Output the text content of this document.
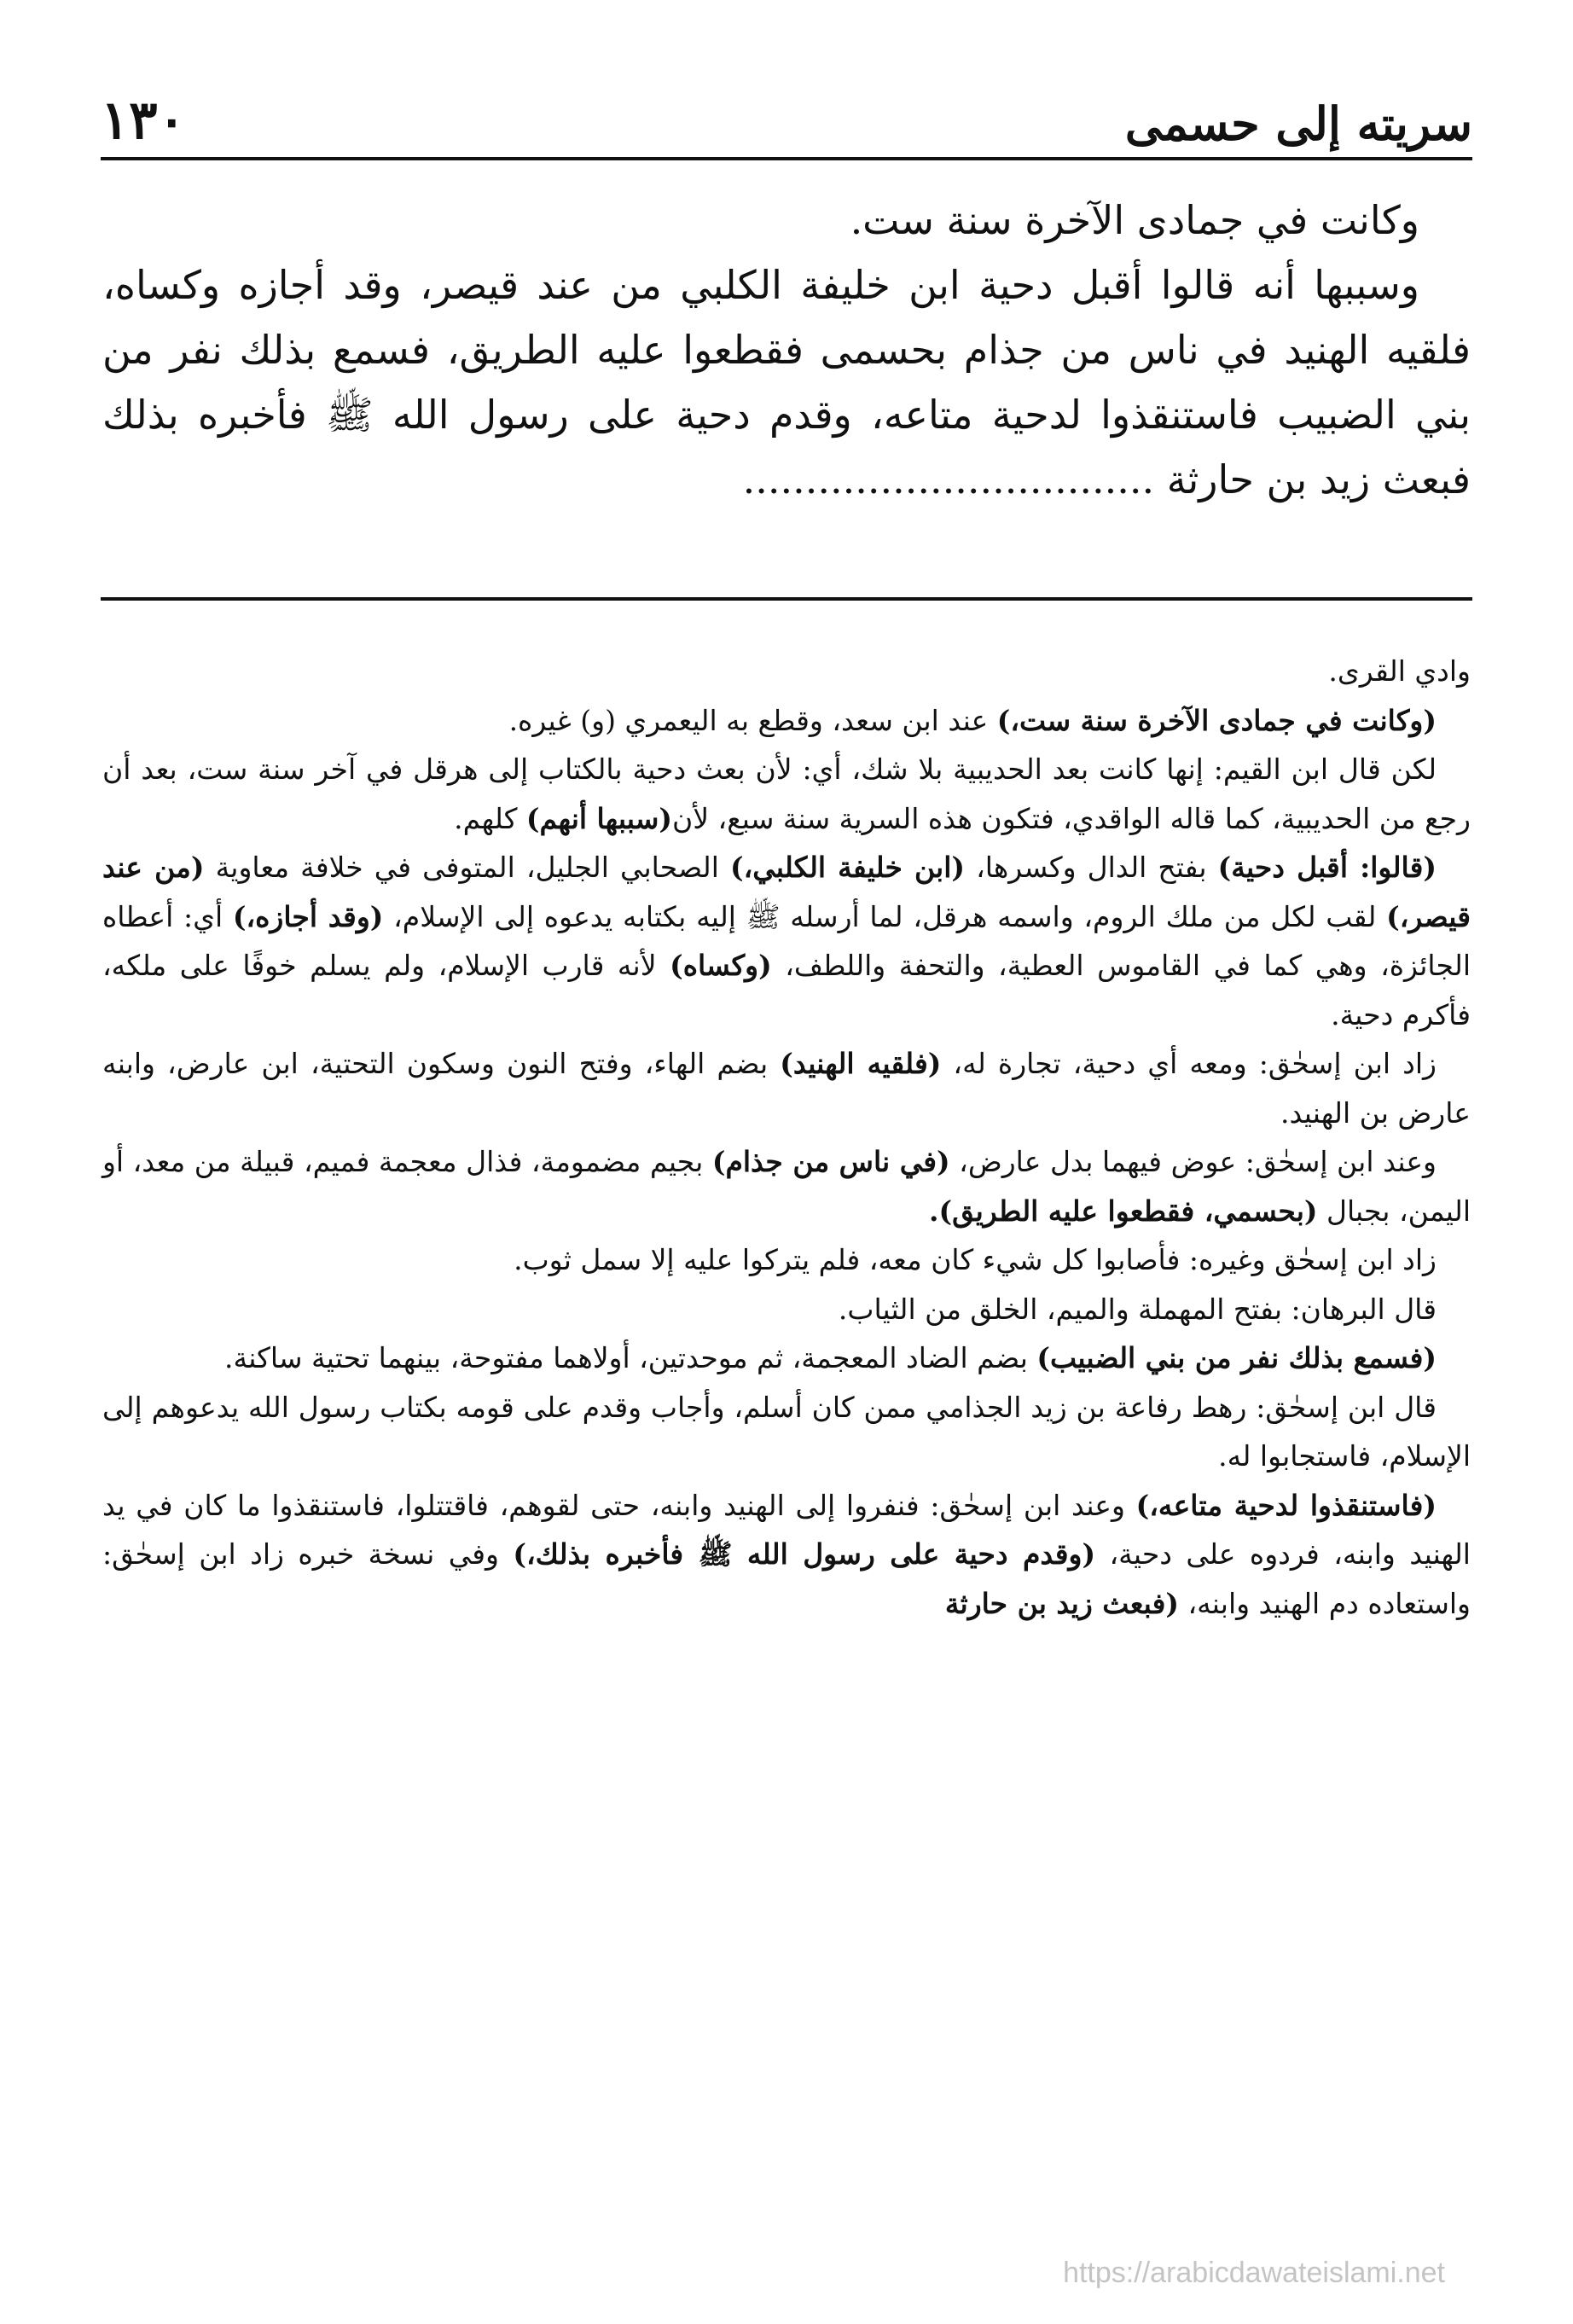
سريته إلى حسمى
١٣٠

وكانت في جمادى الآخرة سنة ست.

وسببها أنه قالوا أقبل دحية ابن خليفة الكلبي من عند قيصر، وقد أجازه وكساه، فلقيه الهنيد في ناس من جذام بحسمى فقطعوا عليه الطريق، فسمع بذلك نفر من بني الضبيب فاستنقذوا لدحية متاعه، وقدم دحية على رسول الله ﷺ فأخبره بذلك فبعث زيد بن حارثة .................................

وادي القرى.

(وكانت في جمادى الآخرة سنة ست،) عند ابن سعد، وقطع به اليعمري (و) غيره.

لكن قال ابن القيم: إنها كانت بعد الحديبية بلا شك، أي: لأن بعث دحية بالكتاب إلى هرقل في آخر سنة ست، بعد أن رجع من الحديبية، كما قاله الواقدي، فتكون هذه السرية سنة سبع، لأن(سببها أنهم) كلهم.

(قالوا: أقبل دحية) بفتح الدال وكسرها، (ابن خليفة الكلبي،) الصحابي الجليل، المتوفى في خلافة معاوية (من عند قيصر،) لقب لكل من ملك الروم، واسمه هرقل، لما أرسله ﷺ إليه بكتابه يدعوه إلى الإسلام، (وقد أجازه،) أي: أعطاه الجائزة، وهي كما في القاموس العطية، والتحفة واللطف، (وكساه) لأنه قارب الإسلام، ولم يسلم خوفًا على ملكه، فأكرم دحية.

زاد ابن إسحٰق: ومعه أي دحية، تجارة له، (فلقيه الهنيد) بضم الهاء، وفتح النون وسكون التحتية، ابن عارض، وابنه عارض بن الهنيد.

وعند ابن إسحٰق: عوض فيهما بدل عارض، (في ناس من جذام) بجيم مضمومة، فذال معجمة فميم، قبيلة من معد، أو اليمن، بجبال (بحسمي، فقطعوا عليه الطريق).

زاد ابن إسحٰق وغيره: فأصابوا كل شيء كان معه، فلم يتركوا عليه إلا سمل ثوب.

قال البرهان: بفتح المهملة والميم، الخلق من الثياب.

(فسمع بذلك نفر من بني الضبيب) بضم الضاد المعجمة، ثم موحدتين، أولاهما مفتوحة، بينهما تحتية ساكنة.

قال ابن إسحٰق: رهط رفاعة بن زيد الجذامي ممن كان أسلم، وأجاب وقدم على قومه بكتاب رسول الله يدعوهم إلى الإسلام، فاستجابوا له.

(فاستنقذوا لدحية متاعه،) وعند ابن إسحٰق: فنفروا إلى الهنيد وابنه، حتى لقوهم، فاقتتلوا، فاستنقذوا ما كان في يد الهنيد وابنه، فردوه على دحية، (وقدم دحية على رسول الله ﷺ فأخبره بذلك،) وفي نسخة خبره زاد ابن إسحٰق: واستعاده دم الهنيد وابنه، (فبعث زيد بن حارثة

https://arabicdawateislami.net
